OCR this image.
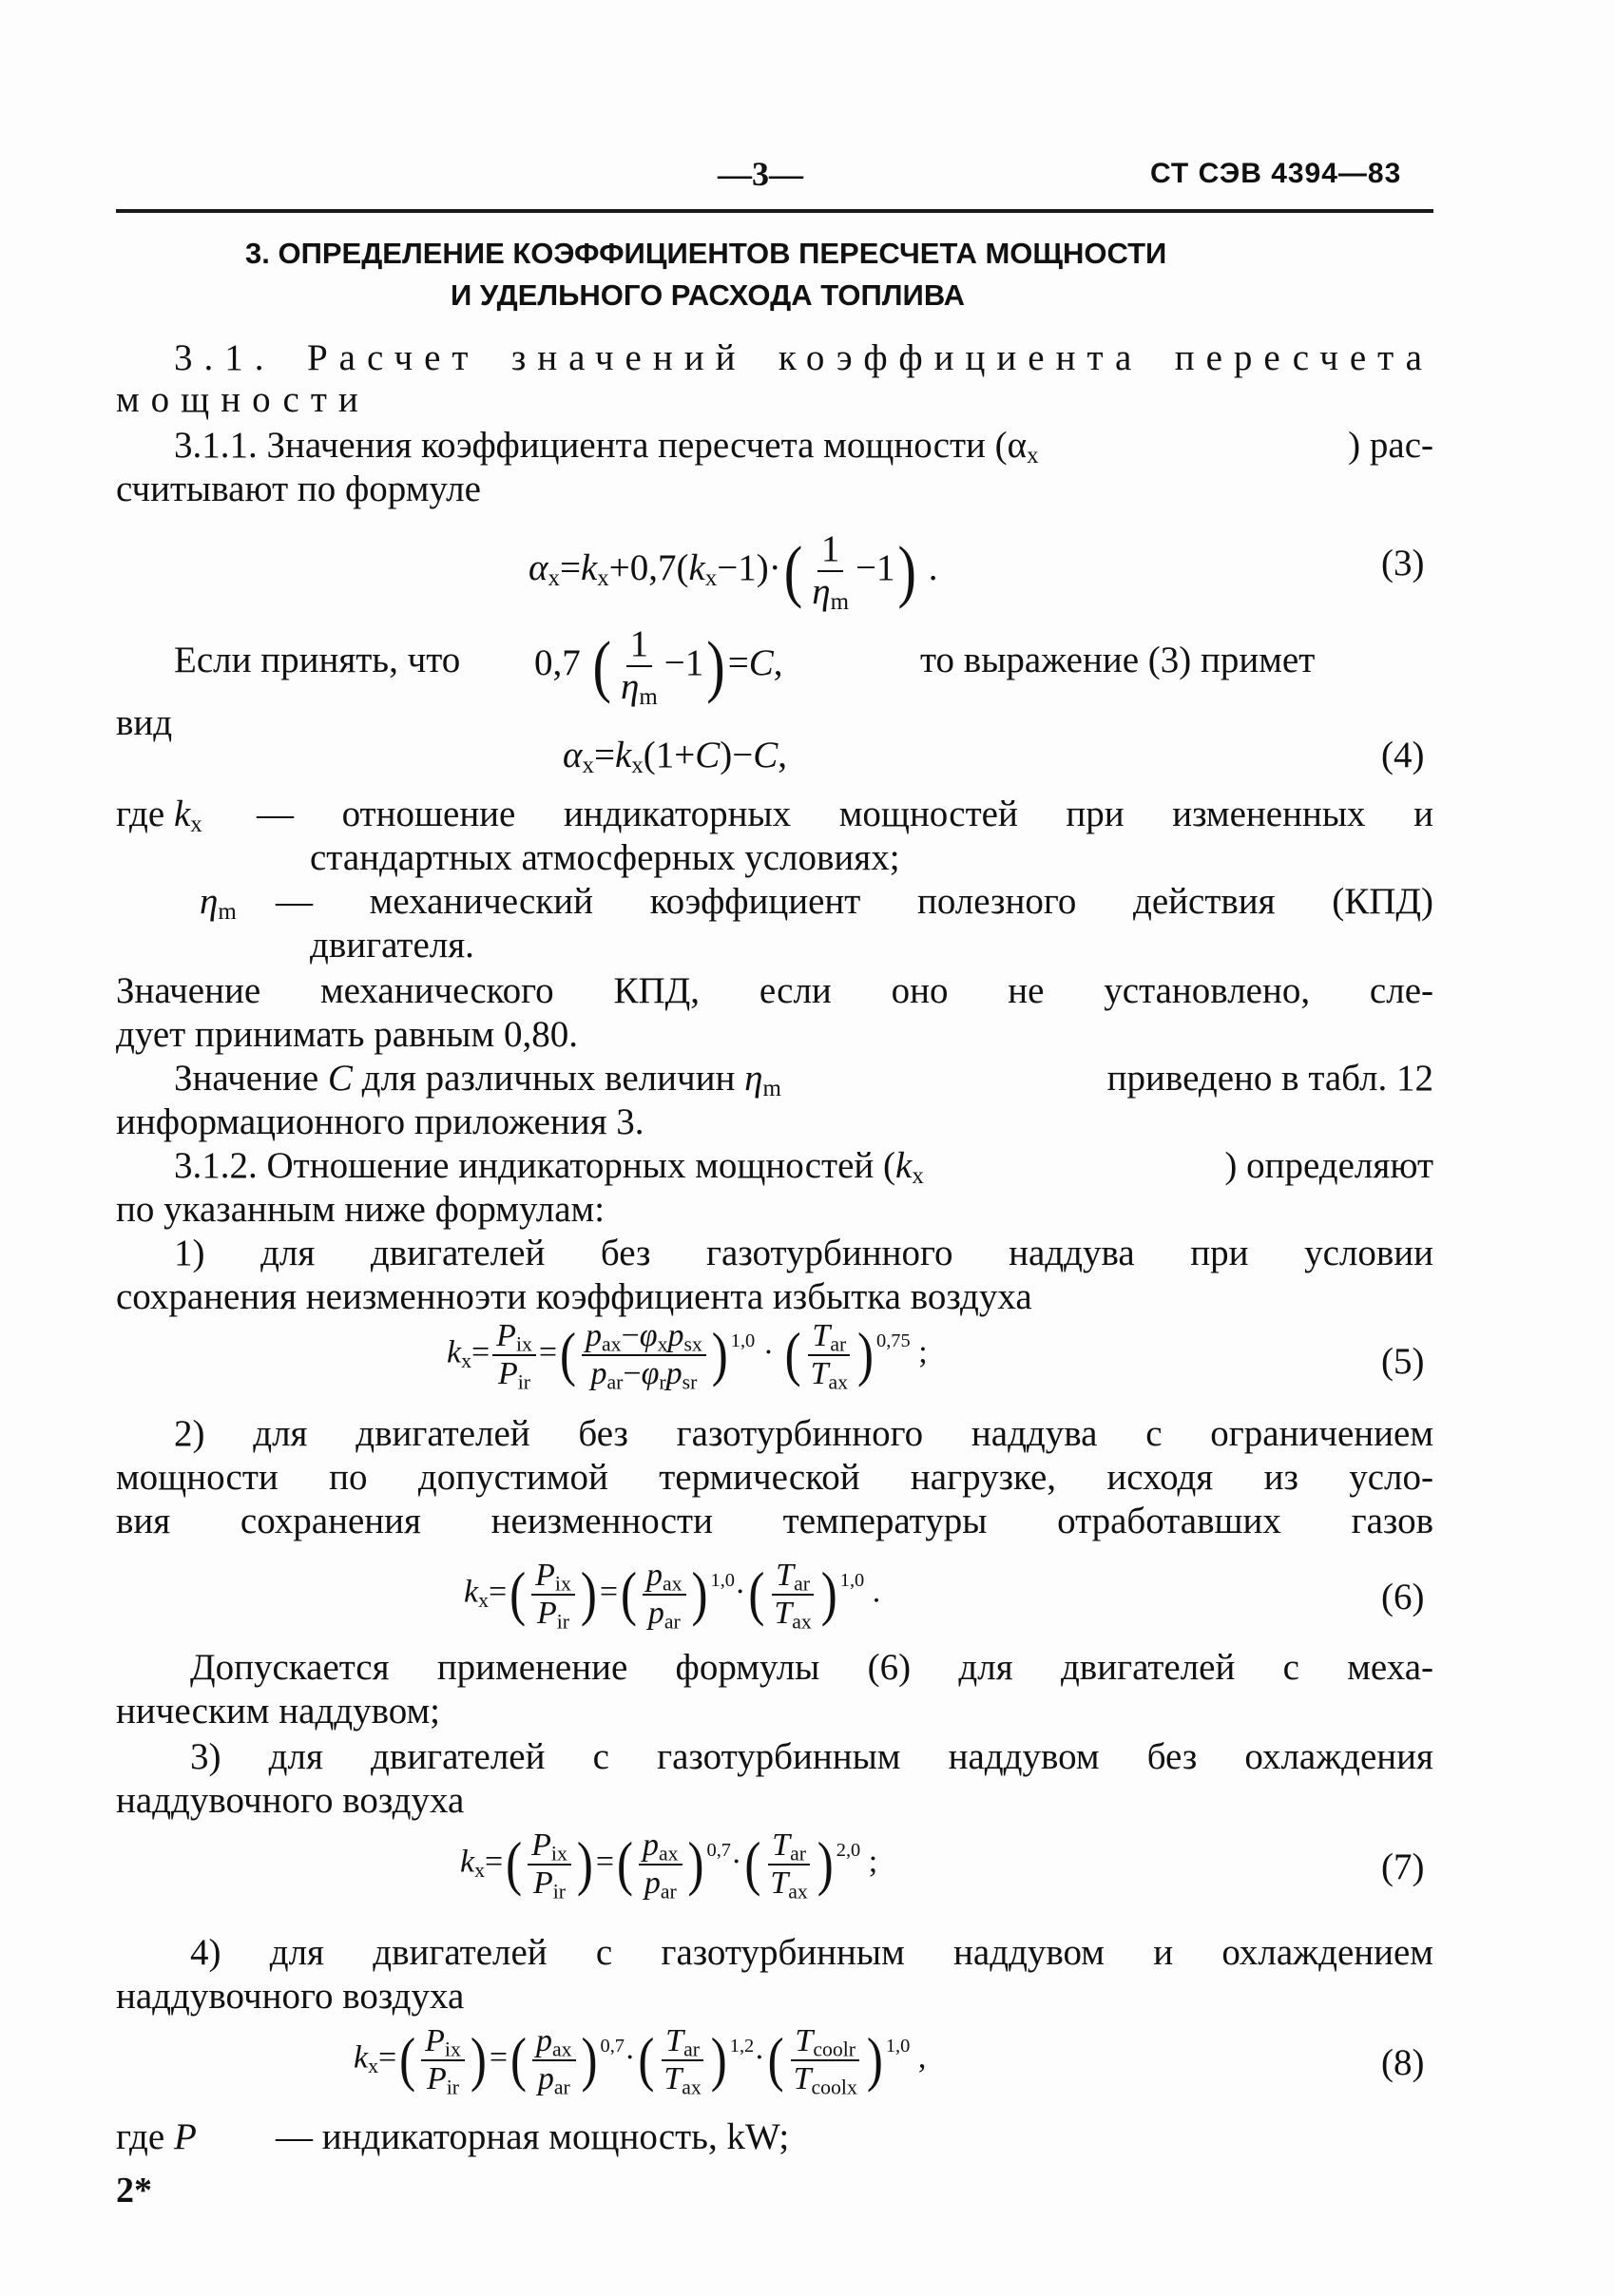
—3—	СТ СЭВ 4394—83
3. ОПРЕДЕЛЕНИЕ КОЭФФИЦИЕНТОВ ПЕРЕСЧЕТА МОЩНОСТИ
И УДЕЛЬНОГО РАСХОДА ТОПЛИВА
3.1. Расчет значений коэффициента пересчета
мощности
3.1.1. Значения коэффициента пересчета мощности ($\alpha_x$	) рас-
считывают по формуле
$\alpha_x=k_x+0,7(k_x-1)\cdot( \frac{1}{\eta_m} -1)$ .	(3)
Если принять, что 0,7 ( $\frac{1}{\eta_m} -1)=C$,	то выражение (3) примет
вид
$\alpha_x=k_x(1+C)-C$,	(4)
где $k_x$ — отношение индикаторных мощностей при измененных и
стандартных атмосферных условиях;
$\eta_m$ — механический коэффициент полезного действия (КПД)
двигателя.
Значение механического КПД, если оно не установлено, сле-
дует принимать равным 0,80.
Значение C для различных величин $\eta_m$	приведено в табл. 12
информационного приложения 3.
3.1.2. Отношение индикаторных мощностей ($k_x$	) определяют
по указанным ниже формулам:
1) для двигателей без газотурбинного наддува при условии
сохранения неизменноэти коэффициента избытка воздуха
$k_x= \frac{P_{ix}}{P_{ir}}$ =( $\frac{p_{ax}-\varphi_xp_{sx}}{p_{ar}-\varphi_rp_{sr}}$ ) $^{1,0}$ · ( $\frac{T_{ar}}{T_{ax}}$ ) $^{0,75}$ ;	(5)
2) для двигателей без газотурбинного наддува с ограничением
мощности по допустимой термической нагрузке, исходя из усло-
вия сохранения неизменности температуры отработавших газов
$k_x=( \frac{P_{ix}}{P_{ir}}$ )=( $\frac{p_{ax}}{p_{ar}}$ ) $^{1,0}\cdot( \frac{T_{ar}}{T_{ax}}$ ) $^{1,0}$ .	(6)
Допускается применение формулы (6) для двигателей с меха-
ническим наддувом;
3) для двигателей с газотурбинным наддувом без охлаждения
наддувочного воздуха
$k_x=( \frac{P_{ix}}{P_{ir}}$ )=( $\frac{p_{ax}}{p_{ar}}$ ) $^{0,7}\cdot( \frac{T_{ar}}{T_{ax}}$ ) $^{2,0}$ ;	(7)
4) для двигателей с газотурбинным наддувом и охлаждением
наддувочного воздуха
$k_x=( \frac{P_{ix}}{P_{ir}}$ )=( $\frac{p_{ax}}{p_{ar}}$ ) $^{0,7}\cdot( \frac{T_{ar}}{T_{ax}}$ ) $^{1,2}\cdot( \frac{T_{coolr}}{T_{coolx}}$ ) $^{1,0}$ ,	(8)
где P — индикаторная мощность, kW;
2*
